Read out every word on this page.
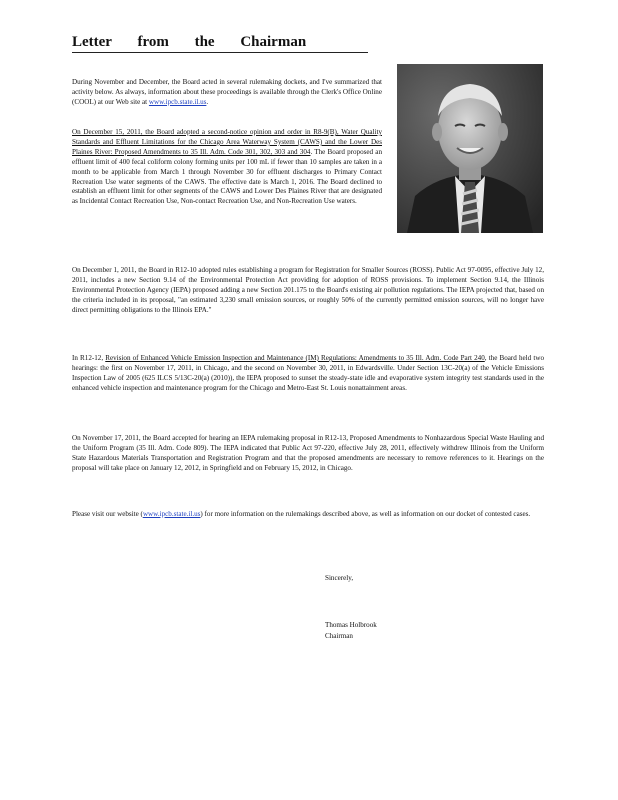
Letter from the Chairman

During November and December, the Board acted in several rulemaking dockets, and I've summarized that activity below. As always, information about these proceedings is available through the Clerk's Office Online (COOL) at our Web site at www.ipcb.state.il.us.

On December 15, 2011, the Board adopted a second-notice opinion and order in R8-9(B), Water Quality Standards and Effluent Limitations for the Chicago Area Waterway System (CAWS) and the Lower Des Plaines River: Proposed Amendments to 35 Ill. Adm. Code 301, 302, 303 and 304. The Board proposed an effluent limit of 400 fecal coliform colony forming units per 100 mL if fewer than 10 samples are taken in a month to be applicable from March 1 through November 30 for effluent discharges to Primary Contact Recreation Use water segments of the CAWS. The effective date is March 1, 2016. The Board declined to establish an effluent limit for other segments of the CAWS and Lower Des Plaines River that are designated as Incidental Contact Recreation Use, Non-contact Recreation Use, and Non-Recreation Use waters.

On December 1, 2011, the Board in R12-10 adopted rules establishing a program for Registration for Smaller Sources (ROSS). Public Act 97-0095, effective July 12, 2011, includes a new Section 9.14 of the Environmental Protection Act providing for adoption of ROSS provisions. To implement Section 9.14, the Illinois Environmental Protection Agency (IEPA) proposed adding a new Section 201.175 to the Board's existing air pollution regulations. The IEPA projected that, based on the criteria included in its proposal, "an estimated 3,230 small emission sources, or roughly 50% of the currently permitted emission sources, will no longer have direct permitting obligations to the Illinois EPA."

In R12-12, Revision of Enhanced Vehicle Emission Inspection and Maintenance (IM) Regulations: Amendments to 35 Ill. Adm. Code Part 240, the Board held two hearings: the first on November 17, 2011, in Chicago, and the second on November 30, 2011, in Edwardsville. Under Section 13C-20(a) of the Vehicle Emissions Inspection Law of 2005 (625 ILCS 5/13C-20(a) (2010)), the IEPA proposed to sunset the steady-state idle and evaporative system integrity test standards used in the enhanced vehicle inspection and maintenance program for the Chicago and Metro-East St. Louis nonattainment areas.

On November 17, 2011, the Board accepted for hearing an IEPA rulemaking proposal in R12-13, Proposed Amendments to Nonhazardous Special Waste Hauling and the Uniform Program (35 Ill. Adm. Code 809). The IEPA indicated that Public Act 97-220, effective July 28, 2011, effectively withdrew Illinois from the Uniform State Hazardous Materials Transportation and Registration Program and that the proposed amendments are necessary to remove references to it. Hearings on the proposal will take place on January 12, 2012, in Springfield and on February 15, 2012, in Chicago.

Please visit our website (www.ipcb.state.il.us) for more information on the rulemakings described above, as well as information on our docket of contested cases.

Sincerely,
Thomas Holbrook
Chairman
